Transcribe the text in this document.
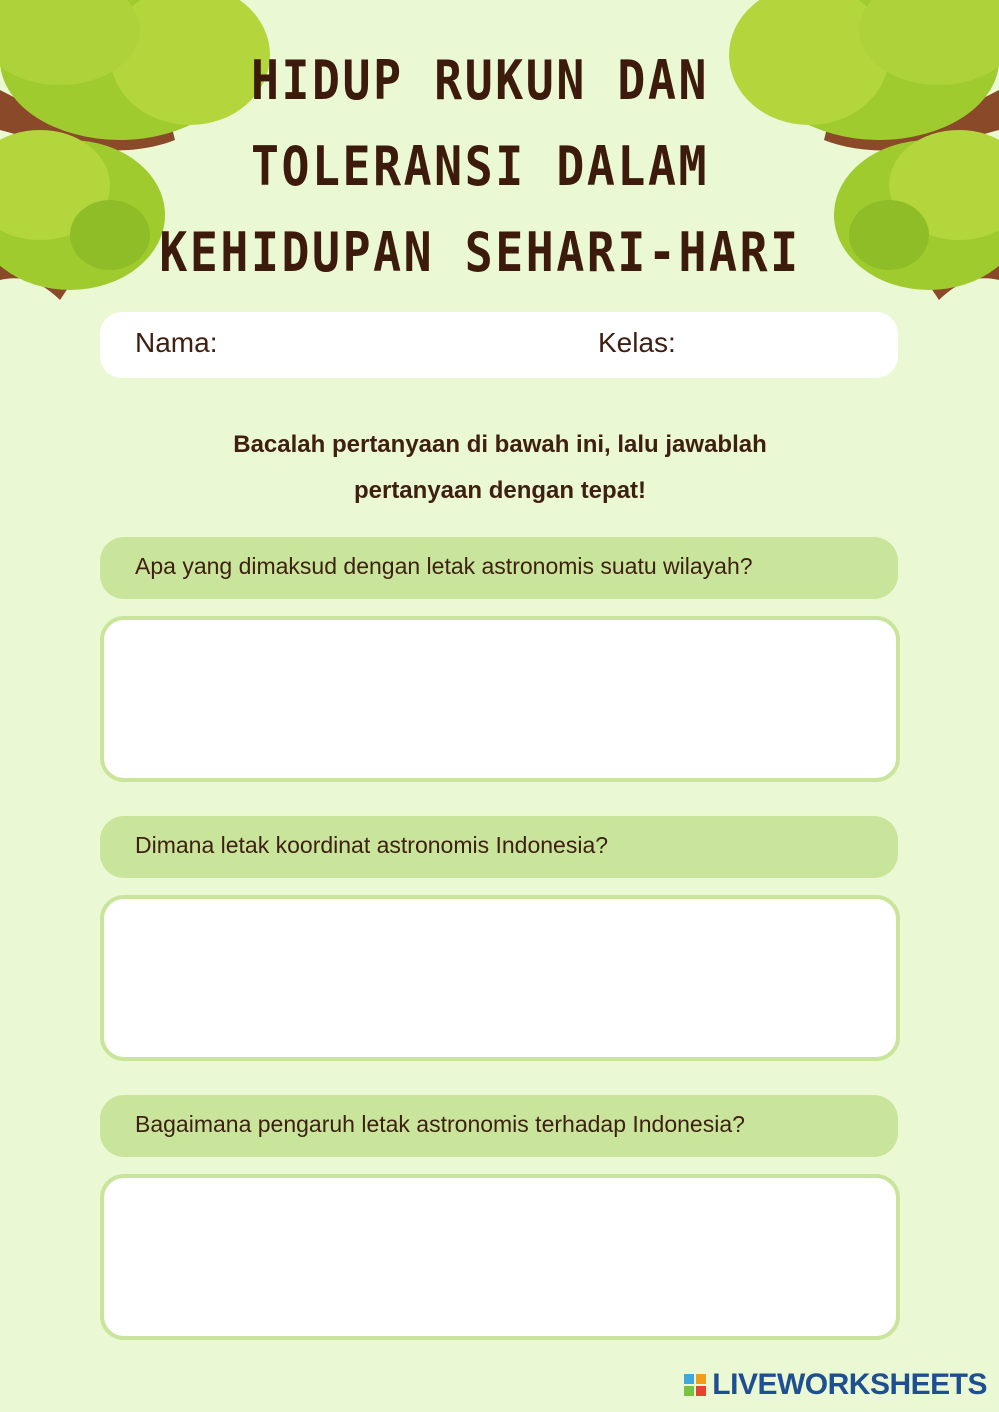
HIDUP RUKUN DAN
TOLERANSI DALAM
KEHIDUPAN SEHARI-HARI
Nama:	Kelas:
Bacalah pertanyaan di bawah ini, lalu jawablah
pertanyaan dengan tepat!
Apa yang dimaksud dengan letak astronomis suatu wilayah?
Dimana letak koordinat astronomis Indonesia?
Bagaimana pengaruh letak astronomis terhadap Indonesia?
LIVEWORKSHEETS
